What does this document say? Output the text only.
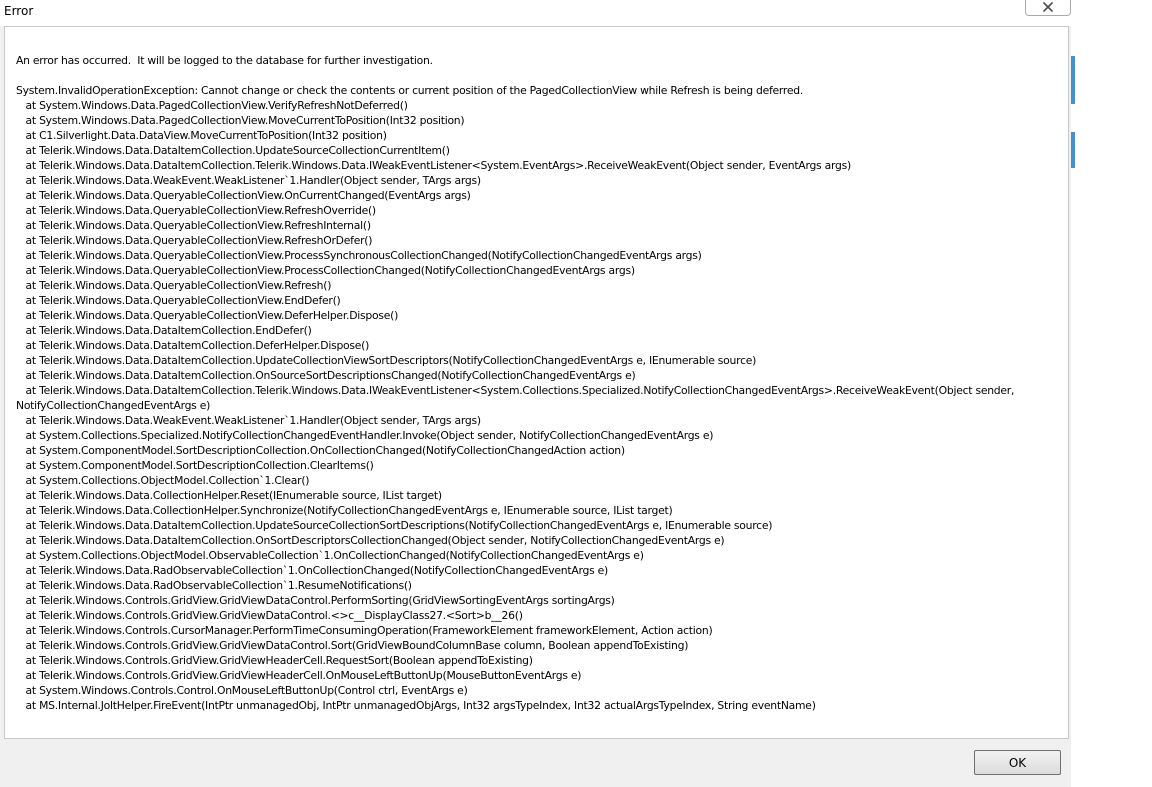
Error
An error has occurred.  It will be logged to the database for further investigation.

System.InvalidOperationException: Cannot change or check the contents or current position of the PagedCollectionView while Refresh is being deferred.
at System.Windows.Data.PagedCollectionView.VerifyRefreshNotDeferred()
at System.Windows.Data.PagedCollectionView.MoveCurrentToPosition(Int32 position)
at C1.Silverlight.Data.DataView.MoveCurrentToPosition(Int32 position)
at Telerik.Windows.Data.DataItemCollection.UpdateSourceCollectionCurrentItem()
at Telerik.Windows.Data.DataItemCollection.Telerik.Windows.Data.IWeakEventListener<System.EventArgs>.ReceiveWeakEvent(Object sender, EventArgs args)
at Telerik.Windows.Data.WeakEvent.WeakListener`1.Handler(Object sender, TArgs args)
at Telerik.Windows.Data.QueryableCollectionView.OnCurrentChanged(EventArgs args)
at Telerik.Windows.Data.QueryableCollectionView.RefreshOverride()
at Telerik.Windows.Data.QueryableCollectionView.RefreshInternal()
at Telerik.Windows.Data.QueryableCollectionView.RefreshOrDefer()
at Telerik.Windows.Data.QueryableCollectionView.ProcessSynchronousCollectionChanged(NotifyCollectionChangedEventArgs args)
at Telerik.Windows.Data.QueryableCollectionView.ProcessCollectionChanged(NotifyCollectionChangedEventArgs args)
at Telerik.Windows.Data.QueryableCollectionView.Refresh()
at Telerik.Windows.Data.QueryableCollectionView.EndDefer()
at Telerik.Windows.Data.QueryableCollectionView.DeferHelper.Dispose()
at Telerik.Windows.Data.DataItemCollection.EndDefer()
at Telerik.Windows.Data.DataItemCollection.DeferHelper.Dispose()
at Telerik.Windows.Data.DataItemCollection.UpdateCollectionViewSortDescriptors(NotifyCollectionChangedEventArgs e, IEnumerable source)
at Telerik.Windows.Data.DataItemCollection.OnSourceSortDescriptionsChanged(NotifyCollectionChangedEventArgs e)
at Telerik.Windows.Data.DataItemCollection.Telerik.Windows.Data.IWeakEventListener<System.Collections.Specialized.NotifyCollectionChangedEventArgs>.ReceiveWeakEvent(Object sender,
NotifyCollectionChangedEventArgs e)
at Telerik.Windows.Data.WeakEvent.WeakListener`1.Handler(Object sender, TArgs args)
at System.Collections.Specialized.NotifyCollectionChangedEventHandler.Invoke(Object sender, NotifyCollectionChangedEventArgs e)
at System.ComponentModel.SortDescriptionCollection.OnCollectionChanged(NotifyCollectionChangedAction action)
at System.ComponentModel.SortDescriptionCollection.ClearItems()
at System.Collections.ObjectModel.Collection`1.Clear()
at Telerik.Windows.Data.CollectionHelper.Reset(IEnumerable source, IList target)
at Telerik.Windows.Data.CollectionHelper.Synchronize(NotifyCollectionChangedEventArgs e, IEnumerable source, IList target)
at Telerik.Windows.Data.DataItemCollection.UpdateSourceCollectionSortDescriptions(NotifyCollectionChangedEventArgs e, IEnumerable source)
at Telerik.Windows.Data.DataItemCollection.OnSortDescriptorsCollectionChanged(Object sender, NotifyCollectionChangedEventArgs e)
at System.Collections.ObjectModel.ObservableCollection`1.OnCollectionChanged(NotifyCollectionChangedEventArgs e)
at Telerik.Windows.Data.RadObservableCollection`1.OnCollectionChanged(NotifyCollectionChangedEventArgs e)
at Telerik.Windows.Data.RadObservableCollection`1.ResumeNotifications()
at Telerik.Windows.Controls.GridView.GridViewDataControl.PerformSorting(GridViewSortingEventArgs sortingArgs)
at Telerik.Windows.Controls.GridView.GridViewDataControl.<>c__DisplayClass27.<Sort>b__26()
at Telerik.Windows.Controls.CursorManager.PerformTimeConsumingOperation(FrameworkElement frameworkElement, Action action)
at Telerik.Windows.Controls.GridView.GridViewDataControl.Sort(GridViewBoundColumnBase column, Boolean appendToExisting)
at Telerik.Windows.Controls.GridView.GridViewHeaderCell.RequestSort(Boolean appendToExisting)
at Telerik.Windows.Controls.GridView.GridViewHeaderCell.OnMouseLeftButtonUp(MouseButtonEventArgs e)
at System.Windows.Controls.Control.OnMouseLeftButtonUp(Control ctrl, EventArgs e)
at MS.Internal.JoltHelper.FireEvent(IntPtr unmanagedObj, IntPtr unmanagedObjArgs, Int32 argsTypeIndex, Int32 actualArgsTypeIndex, String eventName)
OK
